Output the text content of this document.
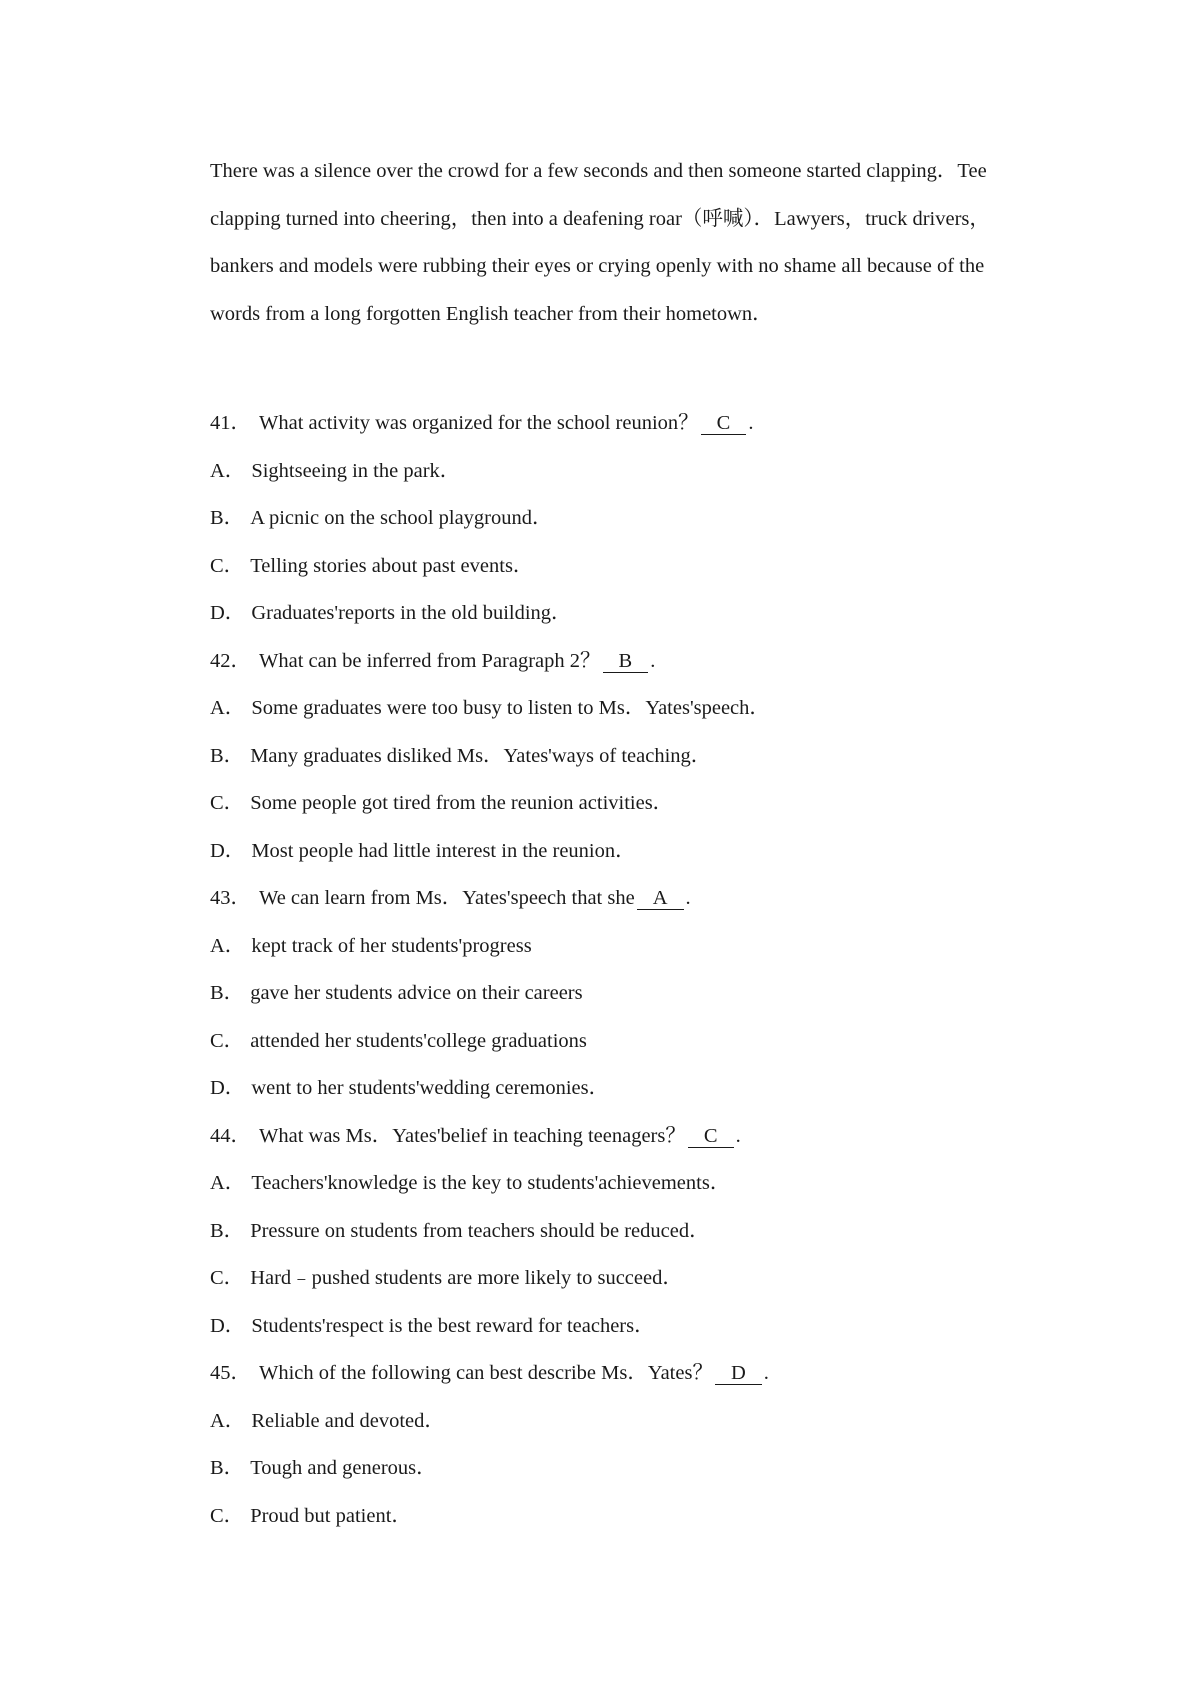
There was a silence over the crowd for a few seconds and then someone started clapping．Tee

clapping turned into cheering，then into a deafening roar（呼喊）．Lawyers，truck drivers，

bankers and models were rubbing their eyes or crying openly with no shame all because of the

words from a long forgotten English teacher from their hometown．

41． What activity was organized for the school reunion？ C .
A． Sightseeing in the park．
B． A picnic on the school playground．
C． Telling stories about past events．
D． Graduates'reports in the old building．
42． What can be inferred from Paragraph 2？ B .
A． Some graduates were too busy to listen to Ms．Yates'speech．
B． Many graduates disliked Ms．Yates'ways of teaching．
C． Some people got tired from the reunion activities．
D． Most people had little interest in the reunion．
43． We can learn from Ms．Yates'speech that she A .
A． kept track of her students'progress
B． gave her students advice on their careers
C． attended her students'college graduations
D． went to her students'wedding ceremonies．
44． What was Ms．Yates'belief in teaching teenagers？ C .
A． Teachers'knowledge is the key to students'achievements．
B． Pressure on students from teachers should be reduced．
C． Hard﹣pushed students are more likely to succeed．
D． Students'respect is the best reward for teachers．
45． Which of the following can best describe Ms．Yates？ D .
A． Reliable and devoted．
B． Tough and generous．
C． Proud but patient．
